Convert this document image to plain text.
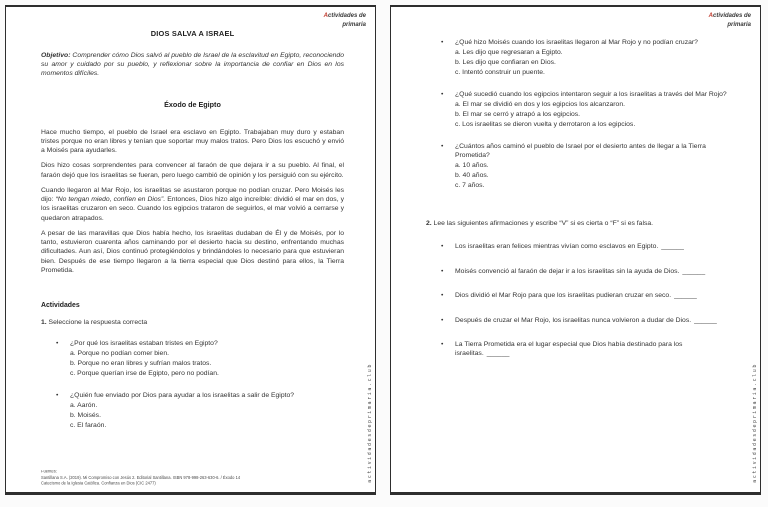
Actividades de
primaria
DIOS SALVA A ISRAEL

Objetivo: Comprender cómo Dios salvó al pueblo de Israel de la esclavitud en Egipto, reconociendo su amor y cuidado por su pueblo, y reflexionar sobre la importancia de confiar en Dios en los momentos difíciles.

Éxodo de Egipto

Hace mucho tiempo, el pueblo de Israel era esclavo en Egipto. Trabajaban muy duro y estaban tristes porque no eran libres y tenían que soportar muy malos tratos. Pero Dios los escuchó y envió a Moisés para ayudarles.

Dios hizo cosas sorprendentes para convencer al faraón de que dejara ir a su pueblo. Al final, el faraón dejó que los israelitas se fueran, pero luego cambió de opinión y los persiguió con su ejército.

Cuando llegaron al Mar Rojo, los israelitas se asustaron porque no podían cruzar. Pero Moisés les dijo: “No tengan miedo, confíen en Dios”. Entonces, Dios hizo algo increíble: dividió el mar en dos, y los israelitas cruzaron en seco. Cuando los egipcios trataron de seguirlos, el mar volvió a cerrarse y quedaron atrapados.

A pesar de las maravillas que Dios había hecho, los israelitas dudaban de Él y de Moisés, por lo tanto, estuvieron cuarenta años caminando por el desierto hacia su destino, enfrentando muchas dificultades. Aun así, Dios continuó protegiéndolos y brindándoles lo necesario para que estuvieran bien. Después de ese tiempo llegaron a la tierra especial que Dios destinó para ellos, la Tierra Prometida.

Actividades
1. Seleccione la respuesta correcta
•
¿Por qué los israelitas estaban tristes en Egipto?
a. Porque no podían comer bien.
b. Porque no eran libres y sufrían malos tratos.
c. Porque querían irse de Egipto, pero no podían.
•
¿Quién fue enviado por Dios para ayudar a los israelitas a salir de Egipto?
a. Aarón.
b. Moisés.
c. El faraón.
Fuentes:
Santillana S.A. (2019). Mi Compromiso con Jesús 2. Editorial Santillana. ISBN 978-998-263-630-6. / Éxodo 14
Catecismo de la Iglesia Católica. Confianza en Dios (CIC 2477)
actividadesdeprimaria.club
Actividades de
primaria
•
¿Qué hizo Moisés cuando los israelitas llegaron al Mar Rojo y no podían cruzar?
a. Les dijo que regresaran a Egipto.
b. Les dijo que confiaran en Dios.
c. Intentó construir un puente.
•
¿Qué sucedió cuando los egipcios intentaron seguir a los israelitas a través del Mar Rojo?
a. El mar se dividió en dos y los egipcios los alcanzaron.
b. El mar se cerró y atrapó a los egipcios.
c. Los israelitas se dieron vuelta y derrotaron a los egipcios.
•
¿Cuántos años caminó el pueblo de Israel por el desierto antes de llegar a la Tierra Prometida?
a. 10 años.
b. 40 años.
c. 7 años.
2. Lee las siguientes afirmaciones y escribe “V” si es cierta o “F” si es falsa.
•
Los israelitas eran felices mientras vivían como esclavos en Egipto. ______
•
Moisés convenció al faraón de dejar ir a los israelitas sin la ayuda de Dios. ______
•
Dios dividió el Mar Rojo para que los israelitas pudieran cruzar en seco. ______
•
Después de cruzar el Mar Rojo, los israelitas nunca volvieron a dudar de Dios. ______
•
La Tierra Prometida era el lugar especial que Dios había destinado para los israelitas. ______
actividadesdeprimaria.club
